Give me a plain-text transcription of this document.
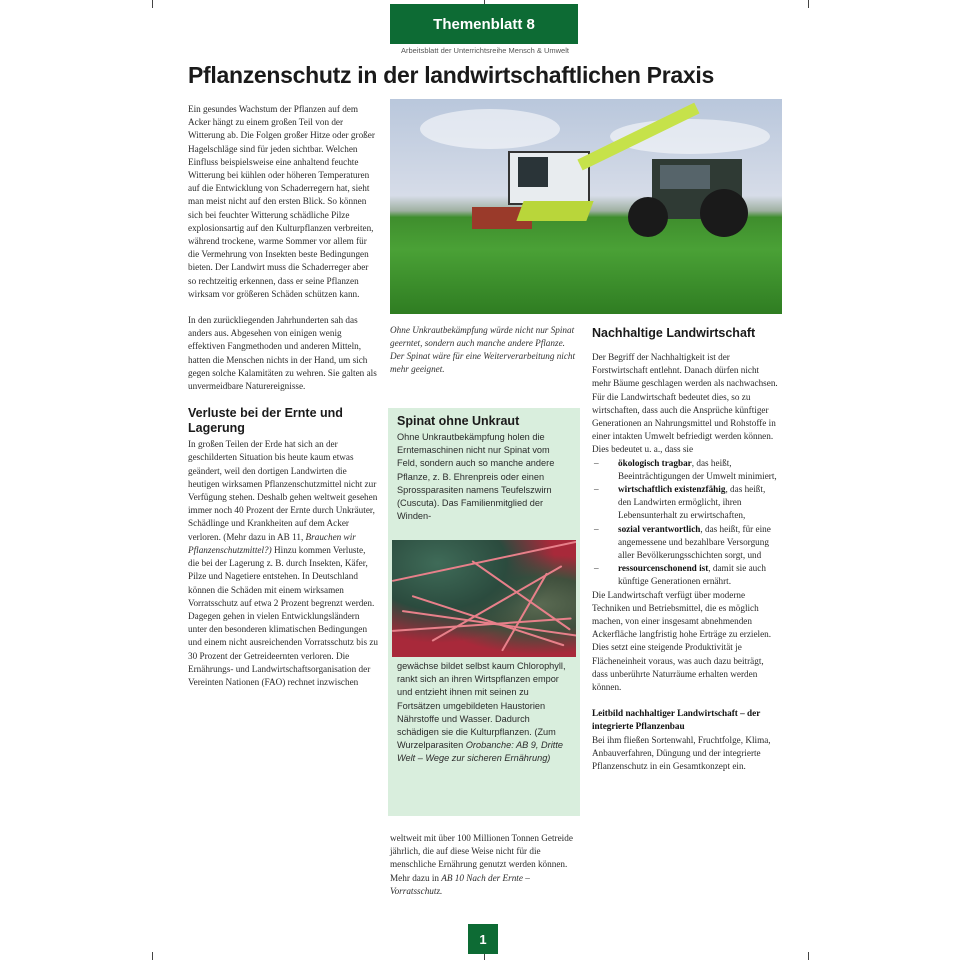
Themenblatt 8
Arbeitsblatt der Unterrichtsreihe Mensch & Umwelt
Pflanzenschutz in der landwirtschaftlichen Praxis

Ein gesundes Wachstum der Pflanzen auf dem Acker hängt zu einem großen Teil von der Witterung ab. Die Folgen großer Hitze oder großer Hagelschläge sind für jeden sichtbar. Welchen Einfluss beispielsweise eine anhaltend feuchte Witterung bei kühlen oder höheren Temperaturen auf die Entwicklung von Schaderregern hat, sieht man meist nicht auf den ersten Blick. So können sich bei feuchter Witterung schädliche Pilze explosionsartig auf den Kulturpflanzen verbreiten, während trockene, warme Sommer vor allem für die Vermehrung von Insekten beste Bedingungen bieten. Der Landwirt muss die Schaderreger aber so rechtzeitig erkennen, dass er seine Pflanzen wirksam vor größeren Schäden schützen kann.

In den zurückliegenden Jahrhunderten sah das anders aus. Abgesehen von einigen wenig effektiven Fangmethoden und anderen Mitteln, hatten die Menschen nichts in der Hand, um sich gegen solche Kalamitäten zu wehren. Sie galten als unvermeidbare Naturereignisse.

Verluste bei der Ernte und Lagerung
In großen Teilen der Erde hat sich an der geschilderten Situation bis heute kaum etwas geändert, weil den dortigen Landwirten die heutigen wirksamen Pflanzenschutzmittel nicht zur Verfügung stehen. Deshalb gehen weltweit gesehen immer noch 40 Prozent der Ernte durch Unkräuter, Schädlinge und Krankheiten auf dem Acker verloren. (Mehr dazu in AB 11, Brauchen wir Pflanzenschutzmittel?) Hinzu kommen Verluste, die bei der Lagerung z. B. durch Insekten, Käfer, Pilze und Nagetiere entstehen. In Deutschland können die Schäden mit einem wirksamen Vorratsschutz auf etwa 2 Prozent begrenzt werden. Dagegen gehen in vielen Entwicklungsländern unter den besonderen klimatischen Bedingungen und einem nicht ausreichenden Vorratsschutz bis zu 30 Prozent der Getreideernten verloren. Die Ernährungs- und Landwirtschaftsorganisation der Vereinten Nationen (FAO) rechnet inzwischen
Ohne Unkrautbekämpfung würde nicht nur Spinat geerntet, sondern auch manche andere Pflanze. Der Spinat wäre für eine Weiterverarbeitung nicht mehr geeignet.
Spinat ohne Unkraut
Ohne Unkrautbekämpfung holen die Erntemaschinen nicht nur Spinat vom Feld, sondern auch so manche andere Pflanze, z. B. Ehrenpreis oder einen Sprossparasiten namens Teufelszwirn (Cuscuta). Das Familienmitglied der Winden-
gewächse bildet selbst kaum Chlorophyll, rankt sich an ihren Wirtspflanzen empor und entzieht ihnen mit seinen zu Fortsätzen umgebildeten Haustorien Nährstoffe und Wasser. Dadurch schädigen sie die Kulturpflanzen. (Zum Wurzelparasiten Orobanche: AB 9, Dritte Welt – Wege zur sicheren Ernährung)
weltweit mit über 100 Millionen Tonnen Getreide jährlich, die auf diese Weise nicht für die menschliche Ernährung genutzt werden können. Mehr dazu in AB 10 Nach der Ernte – Vorratsschutz.
Nachhaltige Landwirtschaft
Der Begriff der Nachhaltigkeit ist der Forstwirtschaft entlehnt. Danach dürfen nicht mehr Bäume geschlagen werden als nachwachsen. Für die Landwirtschaft bedeutet dies, so zu wirtschaften, dass auch die Ansprüche künftiger Generationen an Nahrungsmittel und Rohstoffe in einer intakten Umwelt befriedigt werden können. Dies bedeutet u. a., dass sie
– ökologisch tragbar, das heißt, Beeinträchtigungen der Umwelt minimiert,
– wirtschaftlich existenzfähig, das heißt, den Landwirten ermöglicht, ihren Lebensunterhalt zu erwirtschaften,
– sozial verantwortlich, das heißt, für eine angemessene und bezahlbare Versorgung aller Bevölkerungsschichten sorgt, und
– ressourcenschonend ist, damit sie auch künftige Generationen ernährt.
Die Landwirtschaft verfügt über moderne Techniken und Betriebsmittel, die es möglich machen, von einer insgesamt abnehmenden Ackerfläche langfristig hohe Erträge zu erzielen. Dies setzt eine steigende Produktivität je Flächeneinheit voraus, was auch dazu beiträgt, dass unberührte Naturräume erhalten werden können.
Leitbild nachhaltiger Landwirtschaft – der integrierte Pflanzenbau
Bei ihm fließen Sortenwahl, Fruchtfolge, Klima, Anbauverfahren, Düngung und der integrierte Pflanzenschutz in ein Gesamtkonzept ein.
1
